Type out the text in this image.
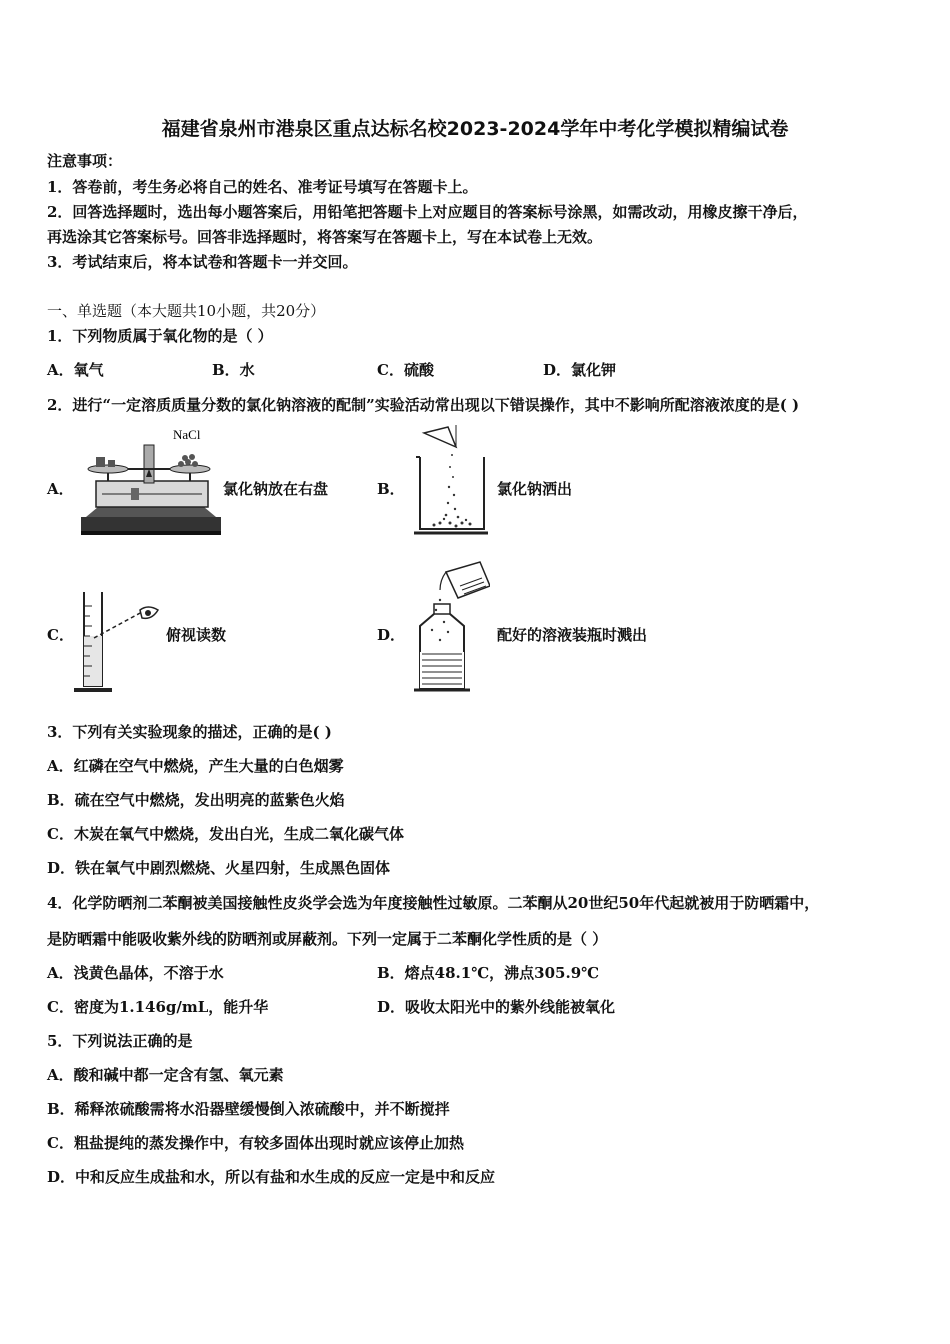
福建省泉州市港泉区重点达标名校2023-2024学年中考化学模拟精编试卷
注意事项：
1．答卷前，考生务必将自己的姓名、准考证号填写在答题卡上。
2．回答选择题时，选出每小题答案后，用铅笔把答题卡上对应题目的答案标号涂黑，如需改动，用橡皮擦干净后，
再选涂其它答案标号。回答非选择题时，将答案写在答题卡上，写在本试卷上无效。
3．考试结束后，将本试卷和答题卡一并交回。
一、单选题（本大题共10小题，共20分）
1．下列物质属于氧化物的是（ ）
A．氧气	B．水	C．硫酸	D．氯化钾
2．进行“一定溶质质量分数的氯化钠溶液的配制”实验活动常出现以下错误操作，其中不影响所配溶液浓度的是( )
A．
NaCl
氯化钠放在右盘	B．	氯化钠洒出
C．	俯视读数	D．	配好的溶液装瓶时溅出
3．下列有关实验现象的描述，正确的是( )
A．红磷在空气中燃烧，产生大量的白色烟雾
B．硫在空气中燃烧，发出明亮的蓝紫色火焰
C．木炭在氧气中燃烧，发出白光，生成二氧化碳气体
D．铁在氧气中剧烈燃烧、火星四射，生成黑色固体
4．化学防晒剂二苯酮被美国接触性皮炎学会选为年度接触性过敏原。二苯酮从20世纪50年代起就被用于防晒霜中，
是防晒霜中能吸收紫外线的防晒剂或屏蔽剂。下列一定属于二苯酮化学性质的是（ ）
A．浅黄色晶体，不溶于水	B．熔点48.1℃，沸点305.9℃
C．密度为1.146g/mL，能升华	D．吸收太阳光中的紫外线能被氧化
5．下列说法正确的是
A．酸和碱中都一定含有氢、氧元素
B．稀释浓硫酸需将水沿器壁缓慢倒入浓硫酸中，并不断搅拌
C．粗盐提纯的蒸发操作中，有较多固体出现时就应该停止加热
D．中和反应生成盐和水，所以有盐和水生成的反应一定是中和反应
